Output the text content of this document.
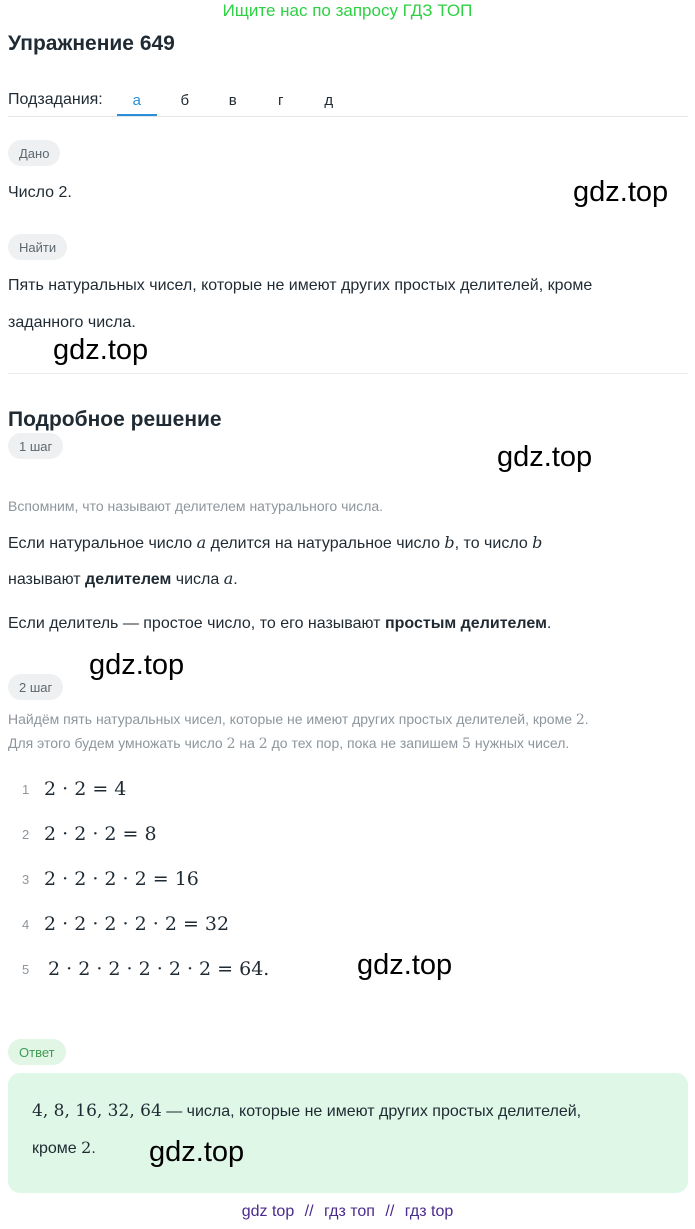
Ищите нас по запросу ГДЗ ТОП
Упражнение 649
Подзадания:	а	б	в	г	д
Дано
Число 2.
Найти
Пять натуральных чисел, которые не имеют других простых делителей, кроме
заданного числа.
Подробное решение
1 шаг
Вспомним, что называют делителем натурального числа.
Если натуральное число a делится на натуральное число b, то число b
называют делителем числа a.
Если делитель — простое число, то его называют простым делителем.
2 шаг
Найдём пять натуральных чисел, которые не имеют других простых делителей, кроме 2.
Для этого будем умножать число 2 на 2 до тех пор, пока не запишем 5 нужных чисел.
1 2 · 2 = 4
2 2 · 2 · 2 = 8
3 2 · 2 · 2 · 2 = 16
4 2 · 2 · 2 · 2 · 2 = 32
5 2 · 2 · 2 · 2 · 2 · 2 = 64.
Ответ
4, 8, 16, 32, 64 — числа, которые не имеют других простых делителей,
кроме 2.
gdz.top
gdz.top
gdz.top
gdz.top
gdz.top
gdz.top
gdz top // гдз топ // гдз top
